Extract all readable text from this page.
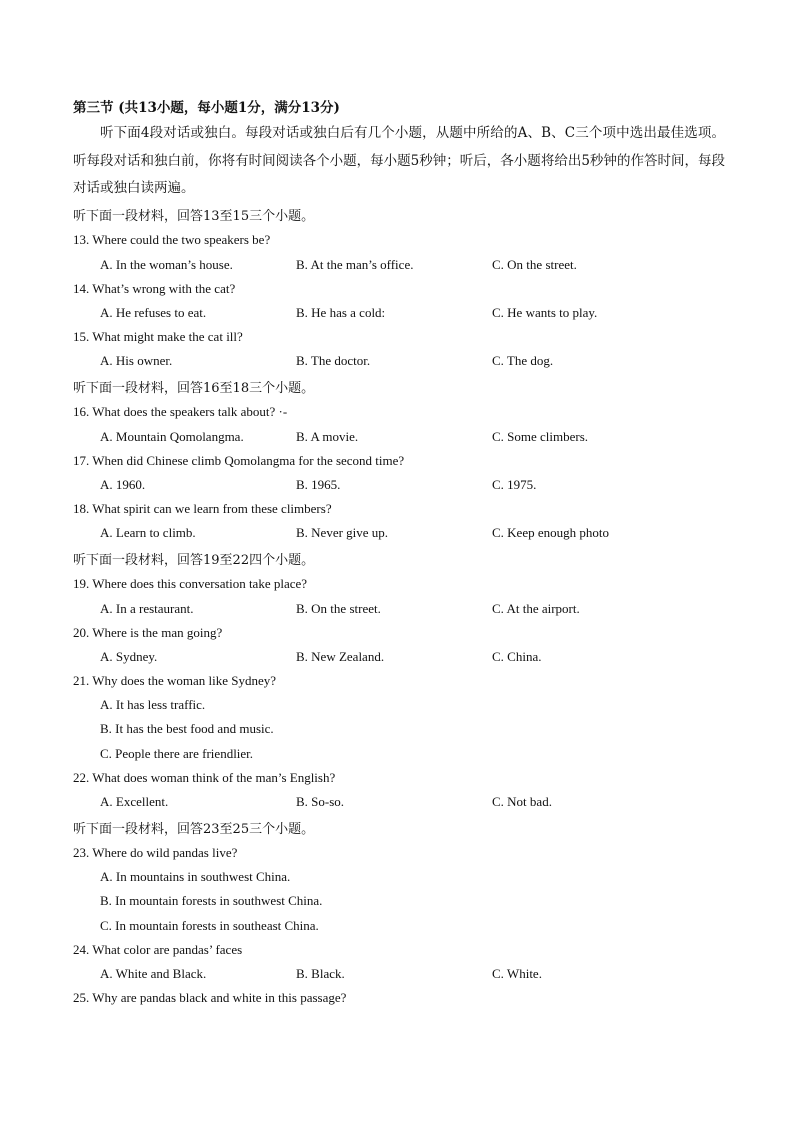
第三节 (共13小题，每小题1分，满分13分)
听下面4段对话或独白。每段对话或独白后有几个小题，从题中所给的A、B、C三个项中选出最佳选项。听每段对话和独白前，你将有时间阅读各个小题，每小题5秒钟；听后，各小题将给出5秒钟的作答时间，每段对话或独白读两遍。
听下面一段材料，回答13至15三个小题。
13. Where could the two speakers be?
A. In the woman’s house.	B. At the man’s office.	C. On the street.
14. What’s wrong with the cat?
A. He refuses to eat.	B. He has a cold:	C. He wants to play.
15. What might make the cat ill?
A. His owner.	B. The doctor.	C. The dog.
听下面一段材料，回答16至18三个小题。
16. What does the speakers talk about? ·-
A. Mountain Qomolangma.	B. A movie.	C. Some climbers.
17. When did Chinese climb Qomolangma for the second time?
A. 1960.	B. 1965.	C. 1975.
18. What spirit can we learn from these climbers?
A. Learn to climb.	B. Never give up.	C. Keep enough photo
听下面一段材料，回答19至22四个小题。
19. Where does this conversation take place?
A. In a restaurant.	B. On the street.	C. At the airport.
20. Where is the man going?
A. Sydney.	B. New Zealand.	C. China.
21. Why does the woman like Sydney?
A. It has less traffic.
B. It has the best food and music.
C. People there are friendlier.
22. What does woman think of the man’s English?
A. Excellent.	B. So-so.	C. Not bad.
听下面一段材料，回答23至25三个小题。
23. Where do wild pandas live?
A. In mountains in southwest China.
B. In mountain forests in southwest China.
C. In mountain forests in southeast China.
24. What color are pandas’ faces
A. White and Black.	B. Black.	C. White.
25. Why are pandas black and white in this passage?
